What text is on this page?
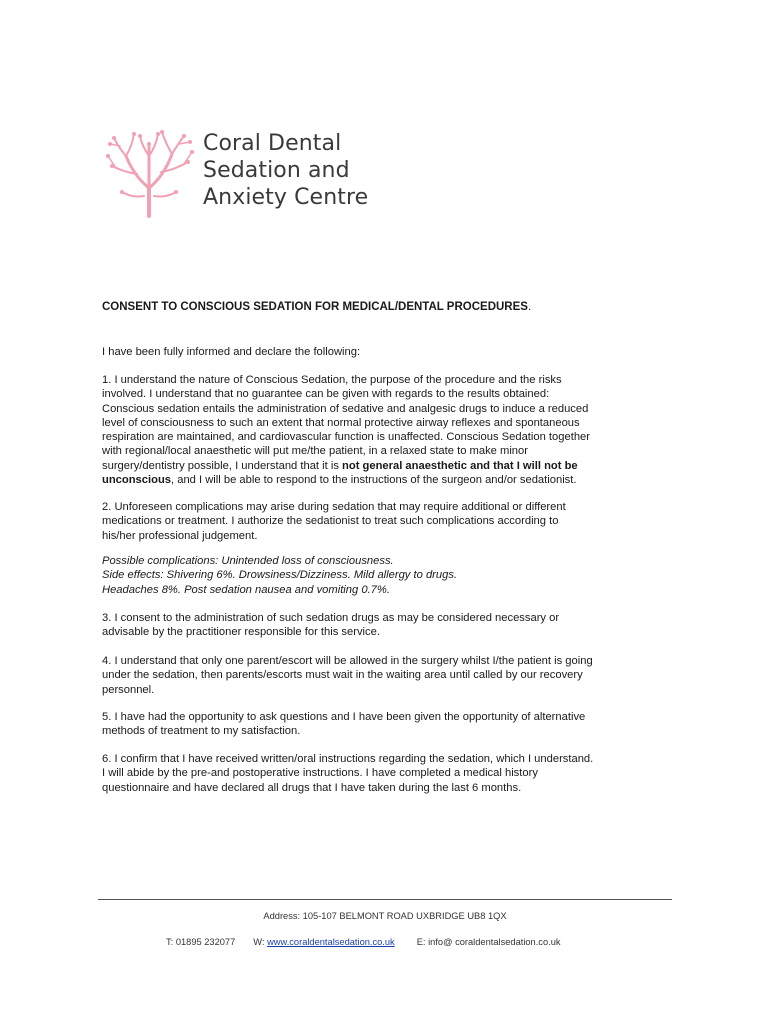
Coral Dental
Sedation and
Anxiety Centre
CONSENT TO CONSCIOUS SEDATION FOR MEDICAL/DENTAL PROCEDURES.

I have been fully informed and declare the following:

1. I understand the nature of Conscious Sedation, the purpose of the procedure and the risks
involved. I understand that no guarantee can be given with regards to the results obtained:
Conscious sedation entails the administration of sedative and analgesic drugs to induce a reduced
level of consciousness to such an extent that normal protective airway reflexes and spontaneous
respiration are maintained, and cardiovascular function is unaffected. Conscious Sedation together
with regional/local anaesthetic will put me/the patient, in a relaxed state to make minor
surgery/dentistry possible, I understand that it is not general anaesthetic and that I will not be
unconscious, and I will be able to respond to the instructions of the surgeon and/or sedationist.
2. Unforeseen complications may arise during sedation that may require additional or different
medications or treatment. I authorize the sedationist to treat such complications according to
his/her professional judgement.
Possible complications: Unintended loss of consciousness.
Side effects: Shivering 6%. Drowsiness/Dizziness. Mild allergy to drugs.
Headaches 8%. Post sedation nausea and vomiting 0.7%.
3. I consent to the administration of such sedation drugs as may be considered necessary or
advisable by the practitioner responsible for this service.
4. I understand that only one parent/escort will be allowed in the surgery whilst I/the patient is going
under the sedation, then parents/escorts must wait in the waiting area until called by our recovery
personnel.
5. I have had the opportunity to ask questions and I have been given the opportunity of alternative
methods of treatment to my satisfaction.
6. I confirm that I have received written/oral instructions regarding the sedation, which I understand.
I will abide by the pre-and postoperative instructions. I have completed a medical history
questionnaire and have declared all drugs that I have taken during the last 6 months.
Address: 105-107 BELMONT ROAD UXBRIDGE UB8 1QX
T: 01895 232077 W: www.coraldentalsedation.co.uk E: info@ coraldentalsedation.co.uk
